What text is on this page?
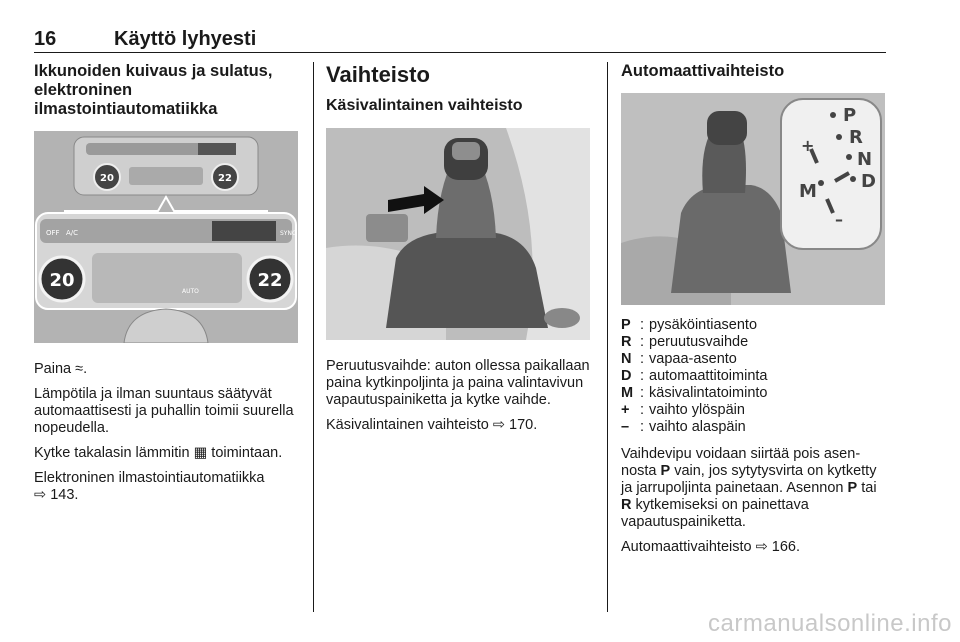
16	Käyttö lyhyesti
Ikkunoiden kuivaus ja sulatus, elektroninen ilmastointiautomatiikka
20	22
OFF A/C	SYNC
20	22
AUTO

Paina ≈.

Lämpötila ja ilman suuntaus säätyvät automaattisesti ja puhallin toimii suurella nopeudella.

Kytke takalasin lämmitin ▦ toimintaan.

Elektroninen ilmastointiautomatiikka
⇨ 143.

Vaihteisto
Käsivalintainen vaihteisto

Peruutusvaihde: auton ollessa paikallaan paina kytkinpoljinta ja paina valintavivun vapautuspainiketta ja kytke vaihde.

Käsivalintainen vaihteisto ⇨ 170.

Automaattivaihteisto
P
R
N
D
M
+
–
P : pysäköintiasento
R : peruutusvaihde
N : vapaa-asento
D : automaattitoiminta
M : käsivalintatoiminto
+ : vaihto ylöspäin
– : vaihto alaspäin

Vaihdevipu voidaan siirtää pois asennosta P vain, jos sytytysvirta on kytketty ja jarrupoljinta painetaan. Asennon P tai R kytkemiseksi on painettava vapautuspainiketta.

Automaattivaihteisto ⇨ 166.

carmanualsonline.info
